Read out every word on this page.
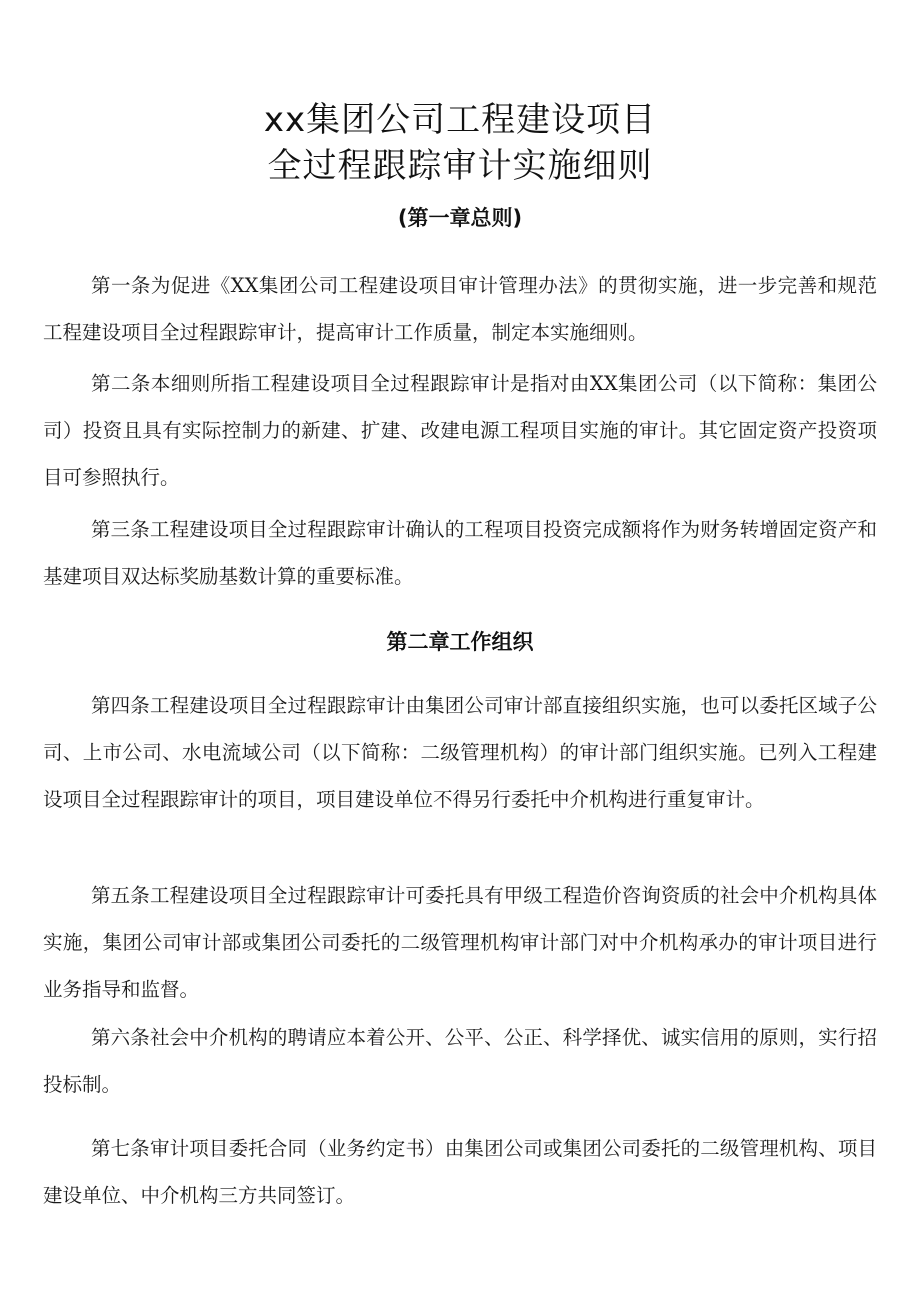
xx集团公司工程建设项目
全过程跟踪审计实施细则
(第一章总则)

第一条为促进《XX集团公司工程建设项目审计管理办法》的贯彻实施，进一步完善和规范工程建设项目全过程跟踪审计，提高审计工作质量，制定本实施细则。

第二条本细则所指工程建设项目全过程跟踪审计是指对由XX集团公司（以下简称：集团公司）投资且具有实际控制力的新建、扩建、改建电源工程项目实施的审计。其它固定资产投资项目可参照执行。

第三条工程建设项目全过程跟踪审计确认的工程项目投资完成额将作为财务转增固定资产和基建项目双达标奖励基数计算的重要标准。

第二章工作组织

第四条工程建设项目全过程跟踪审计由集团公司审计部直接组织实施，也可以委托区域子公司、上市公司、水电流域公司（以下简称：二级管理机构）的审计部门组织实施。已列入工程建设项目全过程跟踪审计的项目，项目建设单位不得另行委托中介机构进行重复审计。

第五条工程建设项目全过程跟踪审计可委托具有甲级工程造价咨询资质的社会中介机构具体实施，集团公司审计部或集团公司委托的二级管理机构审计部门对中介机构承办的审计项目进行业务指导和监督。

第六条社会中介机构的聘请应本着公开、公平、公正、科学择优、诚实信用的原则，实行招投标制。

第七条审计项目委托合同（业务约定书）由集团公司或集团公司委托的二级管理机构、项目建设单位、中介机构三方共同签订。
